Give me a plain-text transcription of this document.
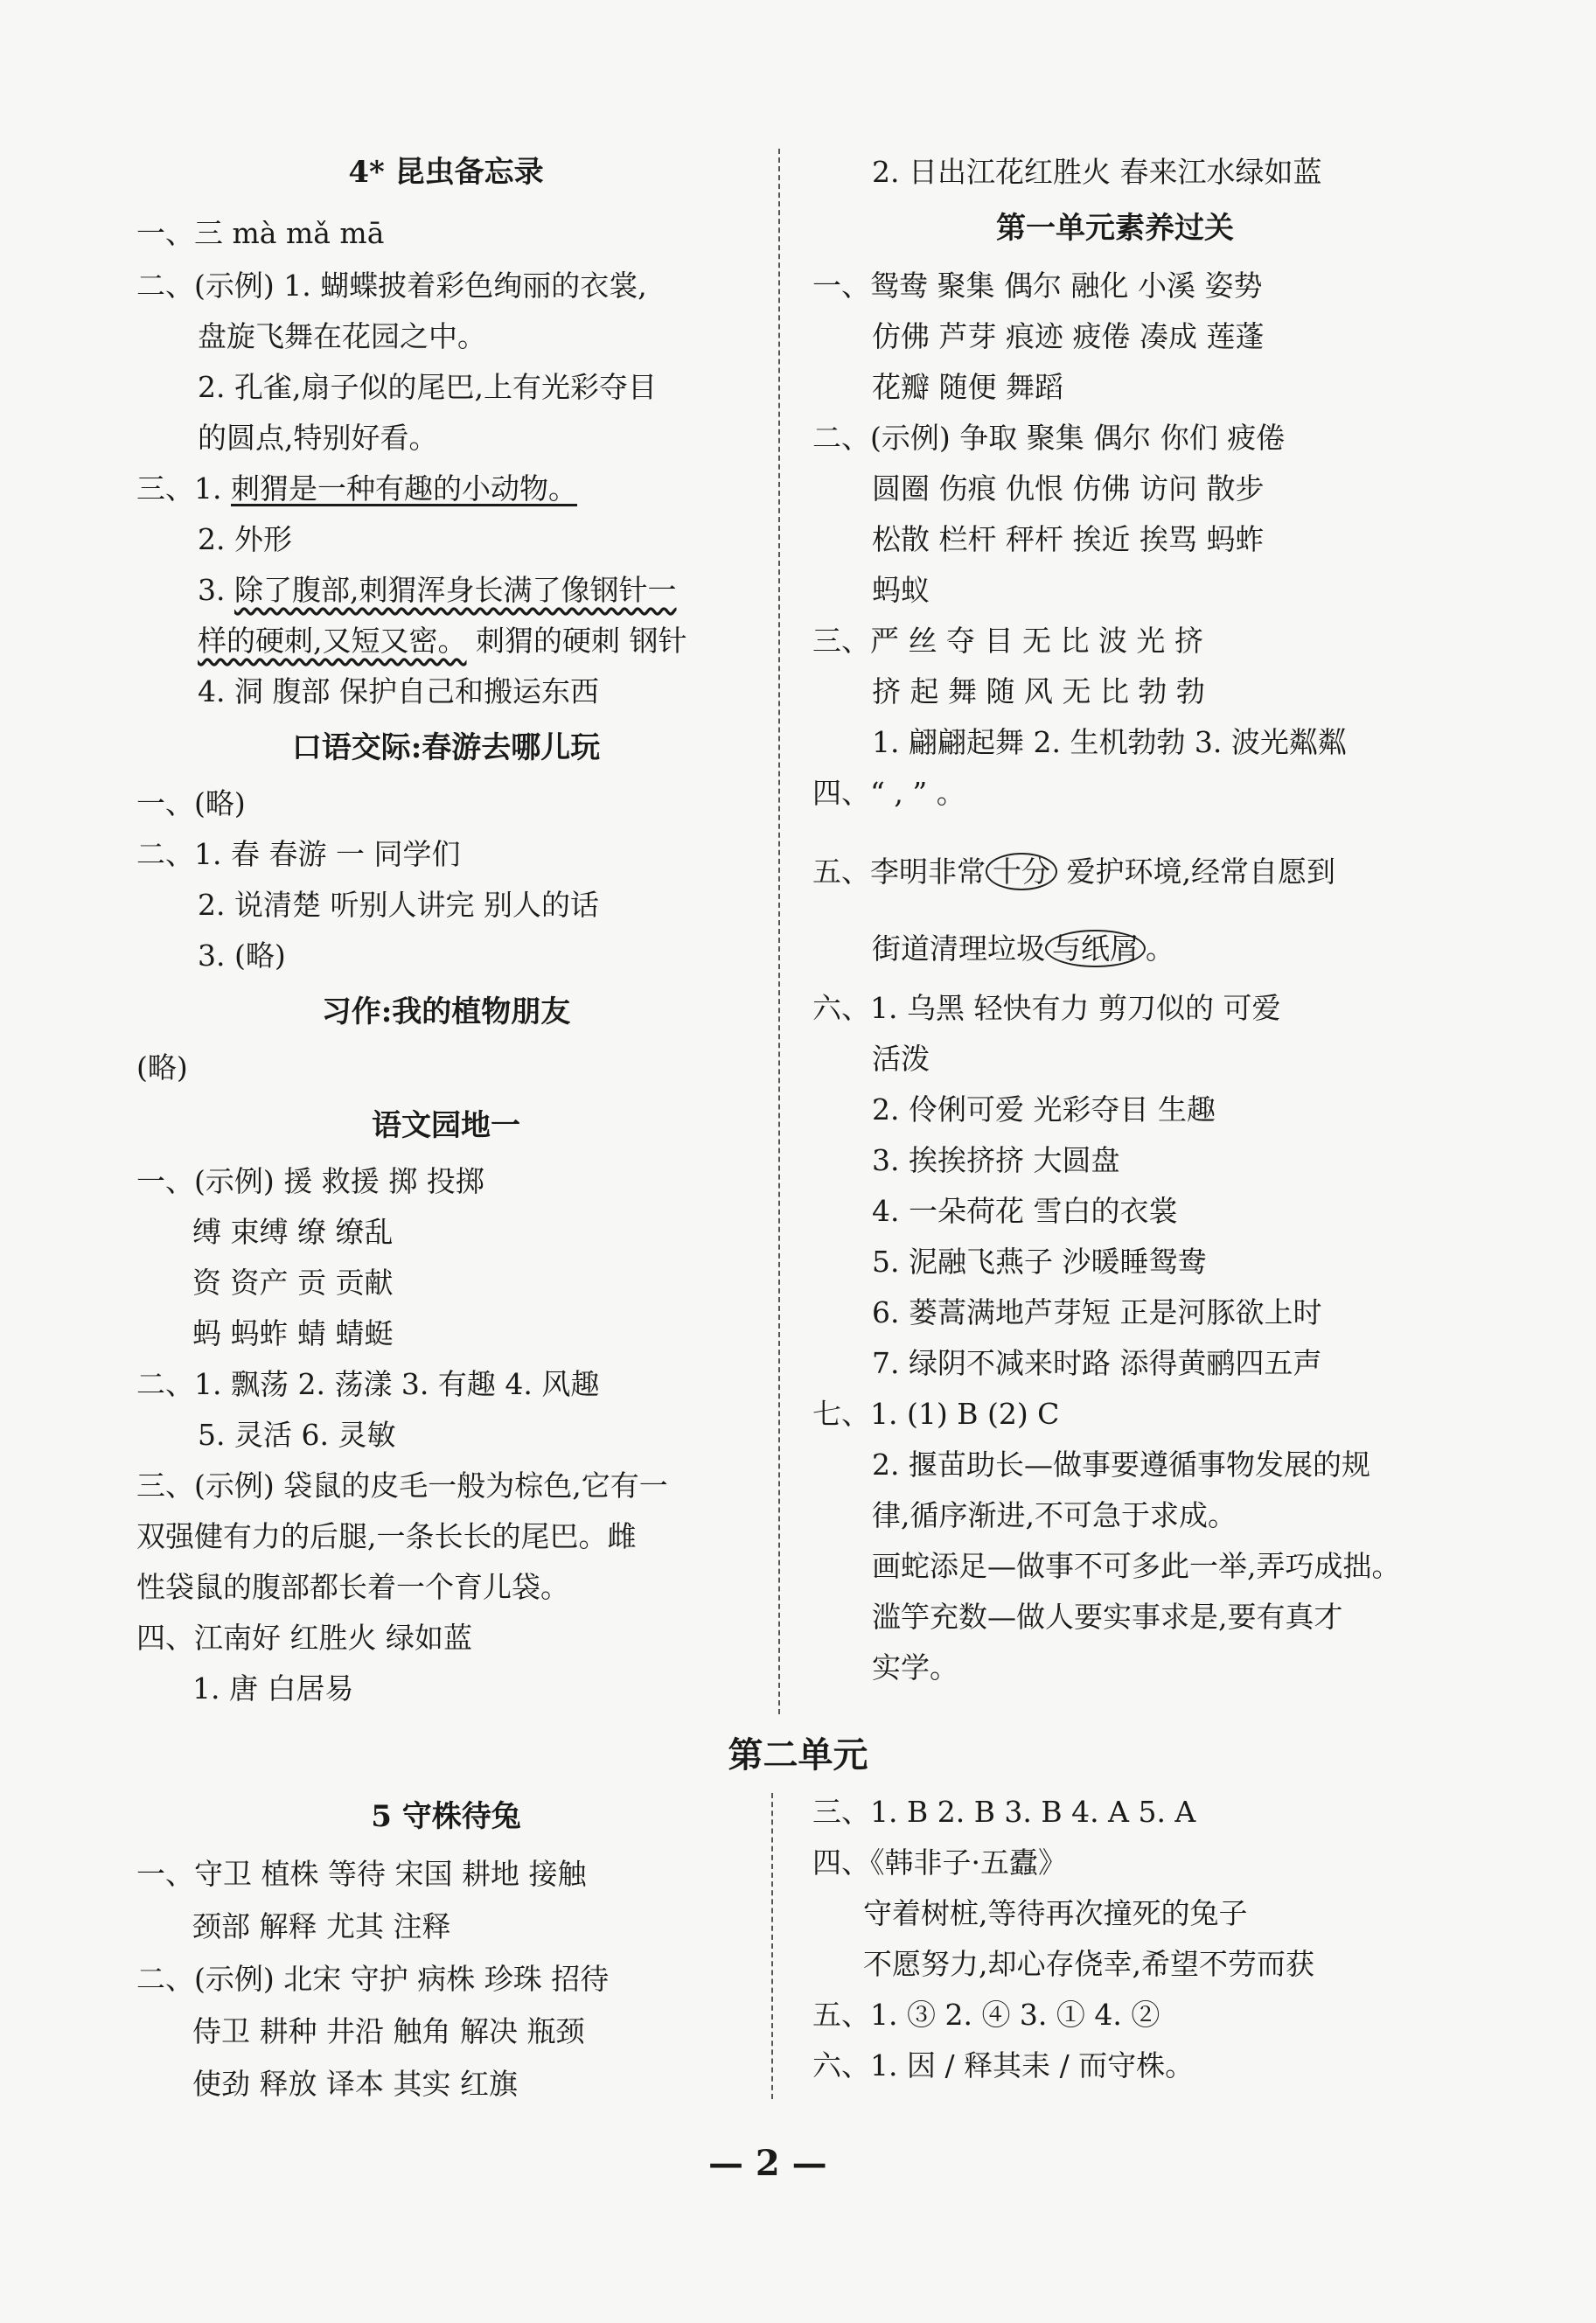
4* 昆虫备忘录
一、三 mà mǎ mā
二、(示例) 1. 蝴蝶披着彩色绚丽的衣裳,
盘旋飞舞在花园之中。
2. 孔雀,扇子似的尾巴,上有光彩夺目
的圆点,特别好看。
三、1. 刺猬是一种有趣的小动物。
2. 外形
3. 除了腹部,刺猬浑身长满了像钢针一
样的硬刺,又短又密。 刺猬的硬刺 钢针
4. 洞 腹部 保护自己和搬运东西
口语交际:春游去哪儿玩
一、(略)
二、1. 春 春游 一 同学们
2. 说清楚 听别人讲完 别人的话
3. (略)
习作:我的植物朋友
(略)
语文园地一
一、(示例) 援 救援 掷 投掷
缚 束缚 缭 缭乱
资 资产 贡 贡献
蚂 蚂蚱 蜻 蜻蜓
二、1. 飘荡 2. 荡漾 3. 有趣 4. 风趣
5. 灵活 6. 灵敏
三、(示例) 袋鼠的皮毛一般为棕色,它有一
双强健有力的后腿,一条长长的尾巴。雌
性袋鼠的腹部都长着一个育儿袋。
四、江南好 红胜火 绿如蓝
1. 唐 白居易
2. 日出江花红胜火 春来江水绿如蓝
第一单元素养过关
一、鸳鸯 聚集 偶尔 融化 小溪 姿势
仿佛 芦芽 痕迹 疲倦 凑成 莲蓬
花瓣 随便 舞蹈
二、(示例) 争取 聚集 偶尔 你们 疲倦
圆圈 伤痕 仇恨 仿佛 访问 散步
松散 栏杆 秤杆 挨近 挨骂 蚂蚱
蚂蚁
三、严 丝 夺 目 无 比 波 光 挤
挤 起 舞 随 风 无 比 勃 勃
1. 翩翩起舞 2. 生机勃勃 3. 波光粼粼
四、“ , ” 。
五、李明非常 十分 爱护环境,经常自愿到
街道清理垃圾 与纸屑 。
六、1. 乌黑 轻快有力 剪刀似的 可爱
活泼
2. 伶俐可爱 光彩夺目 生趣
3. 挨挨挤挤 大圆盘
4. 一朵荷花 雪白的衣裳
5. 泥融飞燕子 沙暖睡鸳鸯
6. 蒌蒿满地芦芽短 正是河豚欲上时
7. 绿阴不减来时路 添得黄鹂四五声
七、1. (1) B (2) C
2. 揠苗助长—做事要遵循事物发展的规
律,循序渐进,不可急于求成。
画蛇添足—做事不可多此一举,弄巧成拙。
滥竽充数—做人要实事求是,要有真才
实学。
第二单元
5 守株待兔
一、守卫 植株 等待 宋国 耕地 接触
颈部 解释 尤其 注释
二、(示例) 北宋 守护 病株 珍珠 招待
侍卫 耕种 井沿 触角 解决 瓶颈
使劲 释放 译本 其实 红旗
三、1. B 2. B 3. B 4. A 5. A
四、《韩非子·五蠹》
守着树桩,等待再次撞死的兔子
不愿努力,却心存侥幸,希望不劳而获
五、1. ③ 2. ④ 3. ① 4. ②
六、1. 因 / 释其耒 / 而守株。
— 2 —
